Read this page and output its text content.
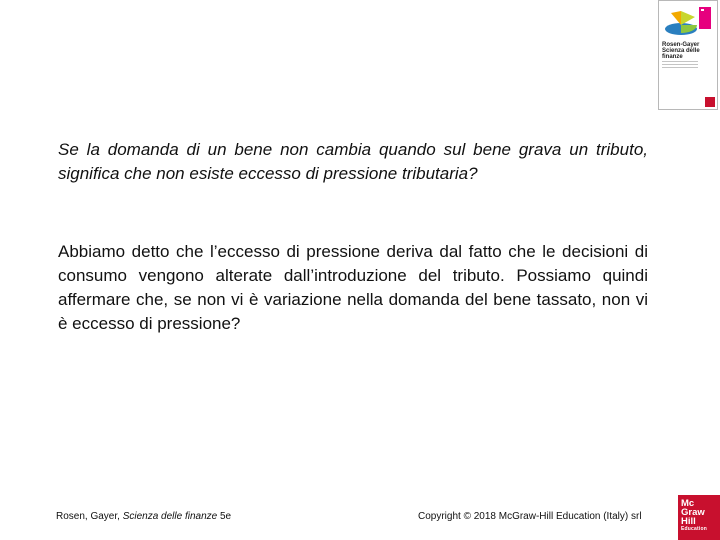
Rosen-Gayer
Scienza delle finanze

Se la domanda di un bene non cambia quando sul bene grava un tributo, significa che non esiste eccesso di pressione tributaria?

Abbiamo detto che l’eccesso di pressione deriva dal fatto che le decisioni di consumo vengono alterate dall’introduzione del tributo. Possiamo quindi affermare che, se non vi è variazione nella domanda del bene tassato, non vi è eccesso di pressione?
Rosen, Gayer, Scienza delle finanze 5e	Copyright © 2018 McGraw-Hill Education (Italy) srl
Mc
Graw
Hill
Education
